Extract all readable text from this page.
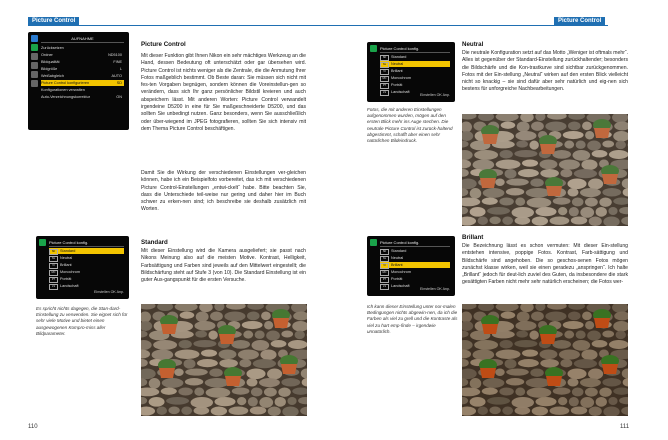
Picture Control
AUFNAHME
Zurücksetzen
Ordner	ND5100
Bildqualität	FINE
Bildgröße	L
Weißabgleich	AUTO
Picture Control konfigurieren	SD
Konfigurationen verwalten
Auto-Verzeichnungskorrektur	ON
Picture Control
Mit dieser Funktion gibt Ihnen Nikon ein sehr mächtiges Werkzeug an die Hand, dessen Bedeutung oft unterschätzt oder gar übersehen wird. Picture Control ist nichts weniger als die Zentrale, die die Anmutung Ihrer Fotos maßgeblich bestimmt. Ob Beste daran: Sie müssen sich nicht mit fes-ten Vorgaben begnügen, sondern können die Voreinstellun-gen so verändern, dass sich Ihr ganz persönlicher Bildstil kreieren und auch abspeichern lässt. Mit anderen Worten: Picture Control verwandelt irgendeine D5200 in eine für Sie maßgeschneiderte D5200, und das sollten Sie unbedingt nutzen. Ganz besonders, wenn Sie ausschließlich oder über-wiegend im JPEG fotografieren, sollten Sie sich intensiv mit dem Thema Picture Control beschäftigen.
Damit Sie die Wirkung der verschiedenen Einstellungen ver-gleichen können, habe ich ein Beispielfoto vorbereitet, das ich mit verschiedenen Picture Control-Einstellungen „entwi-ckelt“ habe. Bitte beachten Sie, dass die Unterschiede teil-weise nur gering und daher hier im Buch schwer zu erken-nen sind; ich beschreibe sie deshalb zusätzlich mit Worten.
Picture Control konfig.
SD Standard
NL Neutral
VI Brillant
MC Monochrom
PT Porträt
LS Landschaft
Einstellen OK Anp.
Es spricht nichts dagegen, die Stan-dard-Einstellung zu verwenden. Sie eignet sich für sehr viele Motive und bietet einen ausgewogenen Kompro-miss aller Bildparameter.
Standard
Mit dieser Einstellung wird die Kamera ausgeliefert; sie passt nach Nikons Meinung also auf die meisten Motive. Kontrast, Helligkeit, Farbsättigung und Farben sind jeweils auf den Mittelwert eingestellt; die Bildschärfung steht auf Stufe 3 (von 10). Die Standard Einstellung ist ein guter Aus-gangspunkt für die ersten Versuche.
110
Picture Control
Picture Control konfig.
SD Standard
NL Neutral
VI Brillant
MC Monochrom
PT Porträt
LS Landschaft
Einstellen OK Anp.
Fotos, die mit anderen Einstellungen aufgenommen wurden, mögen auf den ersten Blick mehr ins Auge stechen. Die neutrale Picture Control ist zurück-haltend abgestimmt, schafft aber einen sehr natürlichen Bildeindruck.
Neutral
Die neutrale Konfiguration setzt auf das Motto „Weniger ist oftmals mehr“. Alles ist gegenüber der Standard-Einstellung zurückhaltender; besonders die Bildschärfe und die Kon-trastkurve sind sichtbar zurückgenommen. Fotos mit der Ein-stellung „Neutral“ wirken auf den ersten Blick vielleicht nicht so knackig – sie sind dafür aber sehr natürlich und eig-nen sich bestens für unforgreiche Nachbearbeitungen.
Picture Control konfig.
SD Standard
NL Neutral
VI Brillant
MC Monochrom
PT Porträt
LS Landschaft
Einstellen OK Anp.
Ich kann dieser Einstellung unter nor-malen Bedingungen nichts abgewin-nen, da ich die Farben als viel zu grell und die Kontraste als viel zu hart emp-finde – irgendwie unnatürlich.
Brillant
Die Bezeichnung lässt es schon vermuten: Mit dieser Ein-stellung entstehen intensive, poppige Fotos. Kontrast, Farb-sättigung und Bildschärfe sind angehoben. Die so geschos-senen Fotos mögen zunächst klasse wirken, weil sie einen geradezu „anspringen“. Ich halte „Brillant“ jedoch für deut-lich zuviel des Guten, da insbesondere die stark gesättigten Farben nicht mehr sehr natürlich erscheinen; die Fotos wer-
111
